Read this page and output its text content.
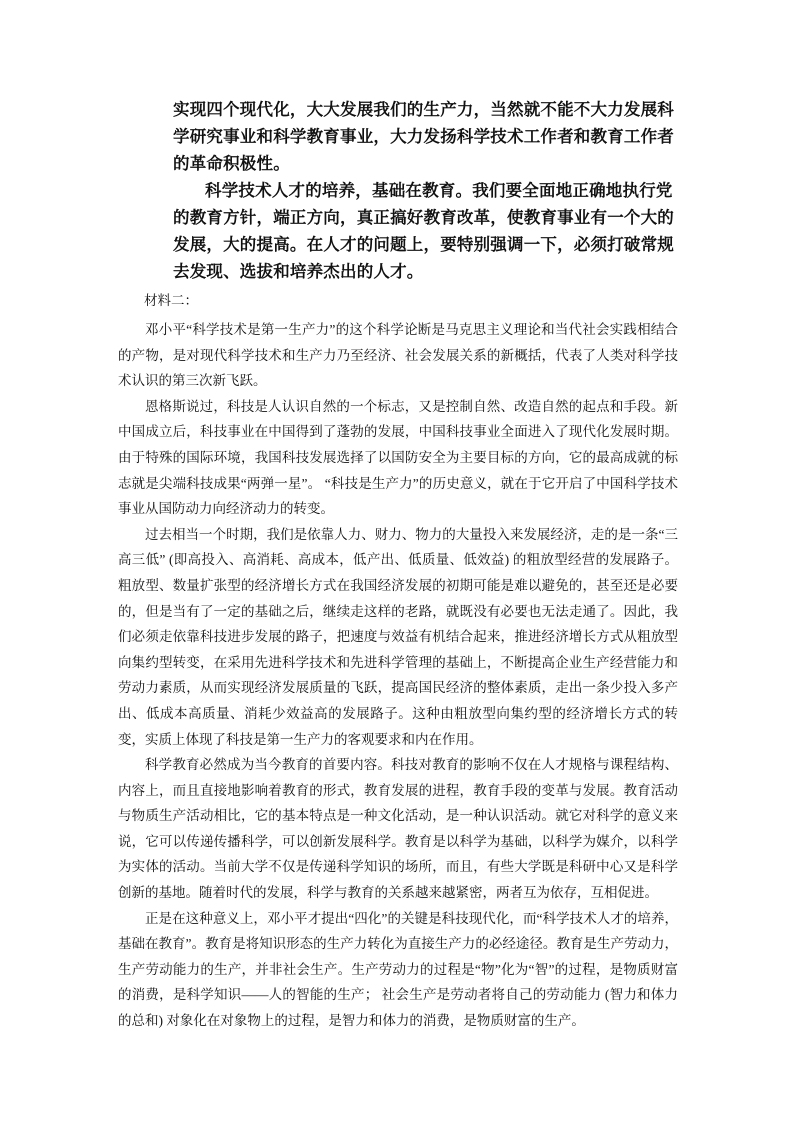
实现四个现代化，大大发展我们的生产力，当然就不能不大力发展科学研究事业和科学教育事业，大力发扬科学技术工作者和教育工作者的革命积极性。

科学技术人才的培养，基础在教育。我们要全面地正确地执行党的教育方针，端正方向，真正搞好教育改革，使教育事业有一个大的发展，大的提高。在人才的问题上，要特别强调一下，必须打破常规去发现、选拔和培养杰出的人才。

材料二：

邓小平“科学技术是第一生产力”的这个科学论断是马克思主义理论和当代社会实践相结合的产物，是对现代科学技术和生产力乃至经济、社会发展关系的新概括，代表了人类对科学技术认识的第三次新飞跃。

恩格斯说过，科技是人认识自然的一个标志，又是控制自然、改造自然的起点和手段。新中国成立后，科技事业在中国得到了蓬勃的发展，中国科技事业全面进入了现代化发展时期。由于特殊的国际环境，我国科技发展选择了以国防安全为主要目标的方向，它的最高成就的标志就是尖端科技成果“两弹一星”。 “科技是生产力”的历史意义，就在于它开启了中国科学技术事业从国防动力向经济动力的转变。

过去相当一个时期，我们是依靠人力、财力、物力的大量投入来发展经济，走的是一条“三高三低” (即高投入、高消耗、高成本，低产出、低质量、低效益) 的粗放型经营的发展路子。粗放型、数量扩张型的经济增长方式在我国经济发展的初期可能是难以避免的，甚至还是必要的，但是当有了一定的基础之后，继续走这样的老路，就既没有必要也无法走通了。因此，我们必须走依靠科技进步发展的路子，把速度与效益有机结合起来，推进经济增长方式从粗放型向集约型转变，在采用先进科学技术和先进科学管理的基础上，不断提高企业生产经营能力和劳动力素质，从而实现经济发展质量的飞跃，提高国民经济的整体素质，走出一条少投入多产出、低成本高质量、消耗少效益高的发展路子。这种由粗放型向集约型的经济增长方式的转变，实质上体现了科技是第一生产力的客观要求和内在作用。

科学教育必然成为当今教育的首要内容。科技对教育的影响不仅在人才规格与课程结构、内容上，而且直接地影响着教育的形式，教育发展的进程，教育手段的变革与发展。教育活动与物质生产活动相比，它的基本特点是一种文化活动，是一种认识活动。就它对科学的意义来说，它可以传递传播科学，可以创新发展科学。教育是以科学为基础，以科学为媒介，以科学为实体的活动。当前大学不仅是传递科学知识的场所，而且，有些大学既是科研中心又是科学创新的基地。随着时代的发展，科学与教育的关系越来越紧密，两者互为依存，互相促进。

正是在这种意义上，邓小平才提出“四化”的关键是科技现代化，而“科学技术人才的培养，基础在教育”。教育是将知识形态的生产力转化为直接生产力的必经途径。教育是生产劳动力，生产劳动能力的生产，并非社会生产。生产劳动力的过程是“物”化为“智”的过程，是物质财富的消费，是科学知识——人的智能的生产； 社会生产是劳动者将自己的劳动能力 (智力和体力的总和) 对象化在对象物上的过程，是智力和体力的消费，是物质财富的生产。
